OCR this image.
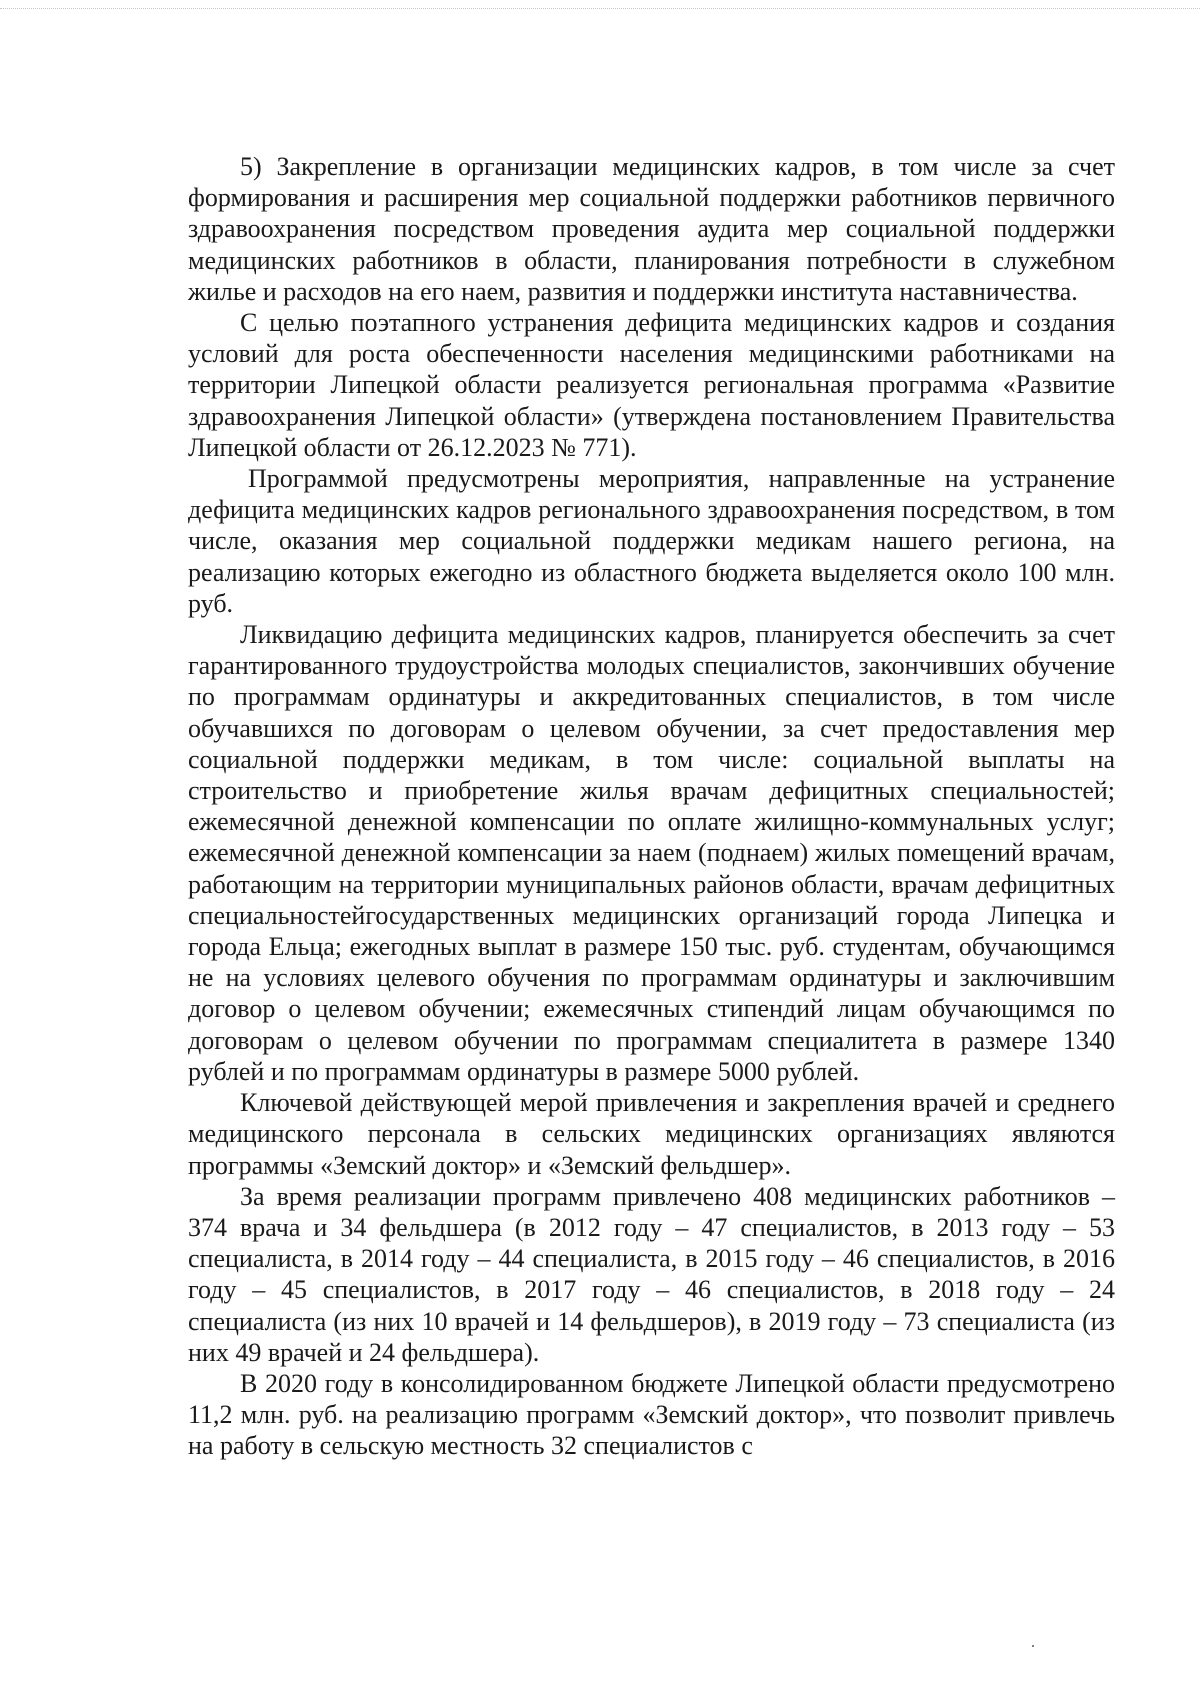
5) Закрепление в организации медицинских кадров, в том числе за счет формирования и расширения мер социальной поддержки работников первичного здравоохранения посредством проведения аудита мер социальной поддержки медицинских работников в области, планирования потребности в служебном жилье и расходов на его наем, развития и поддержки института наставничества.

С целью поэтапного устранения дефицита медицинских кадров и создания условий для роста обеспеченности населения медицинскими работниками на территории Липецкой области реализуется региональная программа «Развитие здравоохранения Липецкой области» (утверждена постановлением Правительства Липецкой области от 26.12.2023 № 771).

Программой предусмотрены мероприятия, направленные на устранение дефицита медицинских кадров регионального здравоохранения посредством, в том числе, оказания мер социальной поддержки медикам нашего региона, на реализацию которых ежегодно из областного бюджета выделяется около 100 млн. руб.

Ликвидацию дефицита медицинских кадров, планируется обеспечить за счет гарантированного трудоустройства молодых специалистов, закончивших обучение по программам ординатуры и аккредитованных специалистов, в том числе обучавшихся по договорам о целевом обучении, за счет предоставления мер социальной поддержки медикам, в том числе: социальной выплаты на строительство и приобретение жилья врачам дефицитных специальностей; ежемесячной денежной компенсации по оплате жилищно-коммунальных услуг; ежемесячной денежной компенсации за наем (поднаем) жилых помещений врачам, работающим на территории муниципальных районов области, врачам дефицитных специальностейгосударственных медицинских организаций города Липецка и города Ельца; ежегодных выплат в размере 150 тыс. руб. студентам, обучающимся не на условиях целевого обучения по программам ординатуры и заключившим договор о целевом обучении; ежемесячных стипендий лицам обучающимся по договорам о целевом обучении по программам специалитета в размере 1340 рублей и по программам ординатуры в размере 5000 рублей.

Ключевой действующей мерой привлечения и закрепления врачей и среднего медицинского персонала в сельских медицинских организациях являются программы «Земский доктор» и «Земский фельдшер».

За время реализации программ привлечено 408 медицинских работников – 374 врача и 34 фельдшера (в 2012 году – 47 специалистов, в 2013 году – 53 специалиста, в 2014 году – 44 специалиста, в 2015 году – 46 специалистов, в 2016 году – 45 специалистов, в 2017 году – 46 специалистов, в 2018 году – 24 специалиста (из них 10 врачей и 14 фельдшеров), в 2019 году – 73 специалиста (из них 49 врачей и 24 фельдшера).

В 2020 году в консолидированном бюджете Липецкой области предусмотрено 11,2 млн. руб. на реализацию программ «Земский доктор», что позволит привлечь на работу в сельскую местность 32 специалистов с
